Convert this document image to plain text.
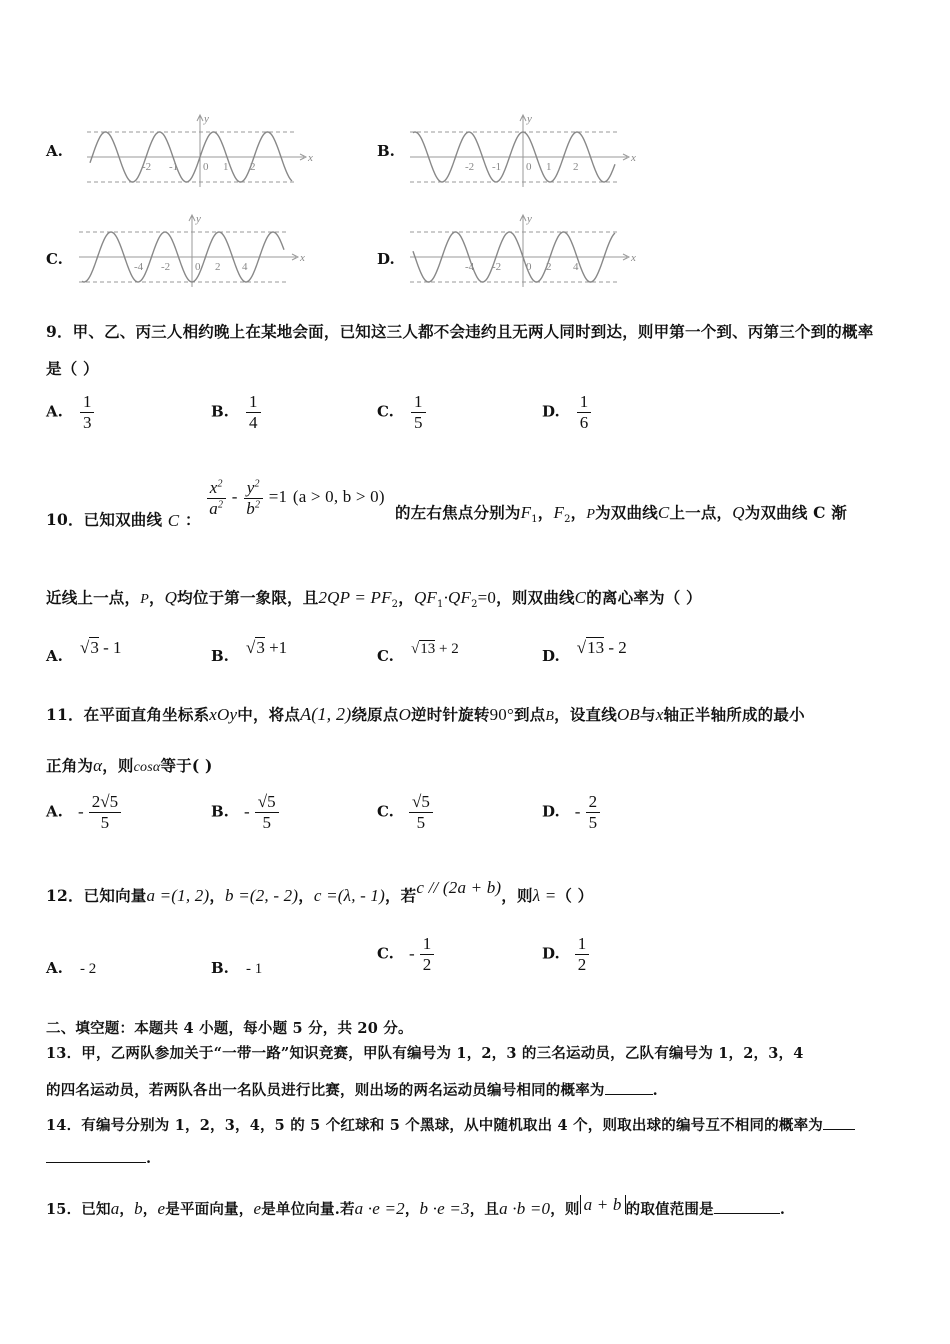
A.	B.
C.	D.
x
y
-2 -1 0 1 2
x
y
-2 -1 0 1 2
x
y
-4 -2 0 2 4
x
y
-4 -2 0 2 4
9．甲、乙、丙三人相约晚上在某地会面，已知这三人都不会违约且无两人同时到达，则甲第一个到、丙第三个到的概率
是（ ）
A. $\frac{1}{3}$	B. $\frac{1}{4}$	C. $\frac{1}{5}$	D. $\frac{1}{6}$
10．已知双曲线 C ：
$\frac{x^2}{a^2} - \frac{y^2}{b^2} =1$ (a > 0, b > 0)
的左右焦点分别为$F_1$，$F_2$，P为双曲线C上一点，Q为双曲线 C 渐
近线上一点，P，Q均位于第一象限，且$2QP = PF_2$，$QF_1\cdot QF_2=0$，则双曲线C的离心率为（ ）
A. √3 - 1	B. √3 +1	C. √13 + 2	D. √13 - 2
11．在平面直角坐标系xOy中，将点A(1, 2)绕原点O逆时针旋转90°到点B，设直线OB与x轴正半轴所成的最小
正角为α，则cosα等于( )
A. - $\frac{2√5}{5}$	B. - $\frac{√5}{5}$	C. $\frac{√5}{5}$	D. - $\frac{2}{5}$
12．已知向量a =(1, 2)，b =(2, - 2)，c =(λ, - 1)，若c // (2a + b)，则λ =（ ）
A. - 2	B. - 1
C. - $\frac{1}{2}$	D. $\frac{1}{2}$
二、填空题：本题共 4 小题，每小题 5 分，共 20 分。
13．甲，乙两队参加关于“一带一路”知识竞赛，甲队有编号为 1，2，3 的三名运动员，乙队有编号为 1，2，3，4
的四名运动员，若两队各出一名队员进行比赛，则出场的两名运动员编号相同的概率为	.
14．有编号分别为 1，2，3，4，5 的 5 个红球和 5 个黑球，从中随机取出 4 个，则取出球的编号互不相同的概率为
.
15．已知a，b，e是平面向量，e是单位向量.若a ·e =2，b ·e =3，且a ·b =0，则 a + b 的取值范围是	.
